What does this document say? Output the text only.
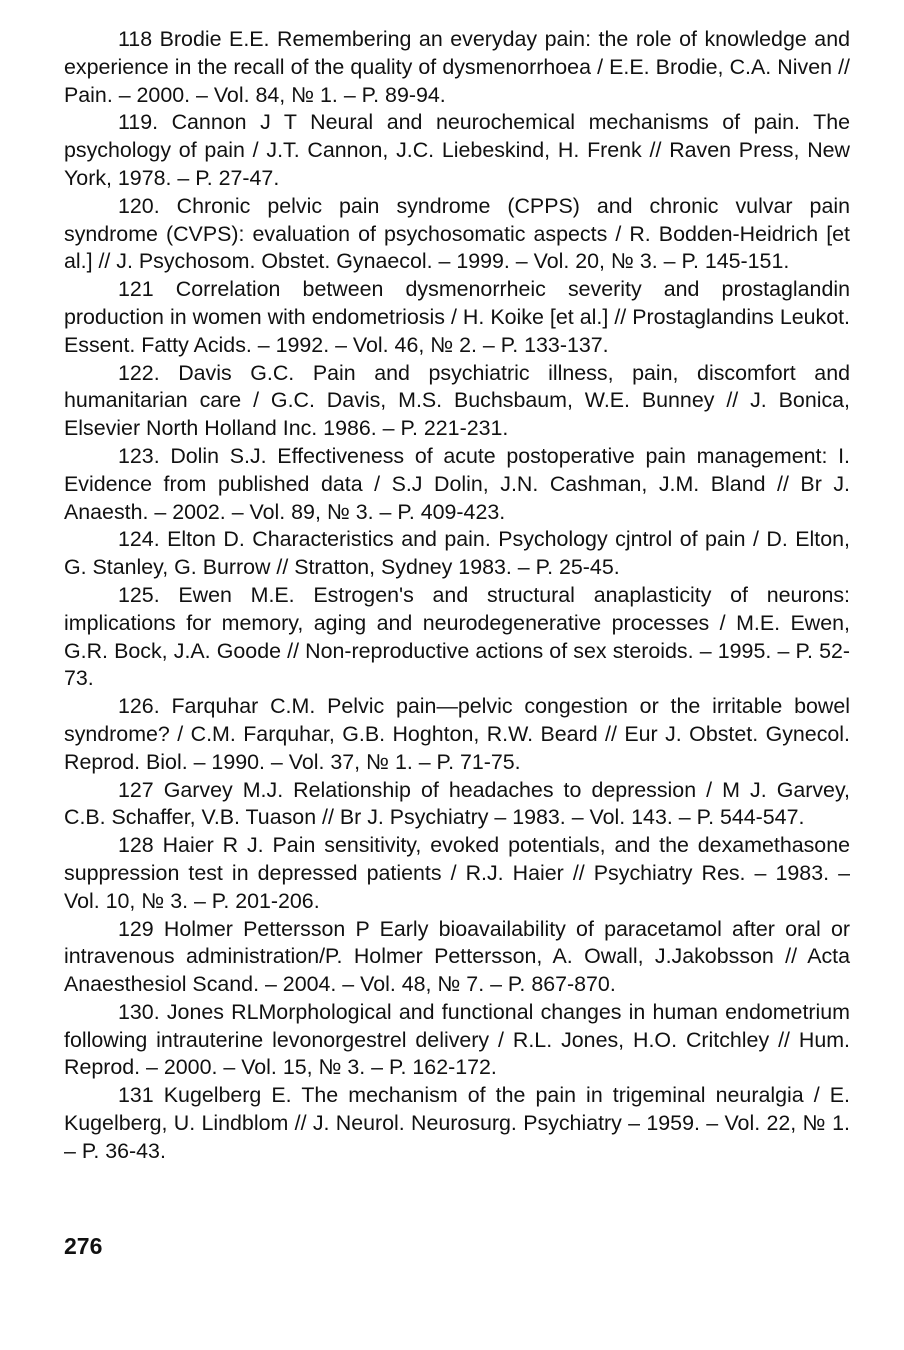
118 Brodie E.E. Remembering an everyday pain: the role of knowledge and experience in the recall of the quality of dysmenorrhoea / E.E. Brodie, C.A. Niven // Pain. – 2000. – Vol. 84, № 1. – P. 89-94.

119. Cannon J T Neural and neurochemical mechanisms of pain. The psychology of pain / J.T. Cannon, J.C. Liebeskind, H. Frenk // Raven Press, New York, 1978. – P. 27-47.

120. Chronic pelvic pain syndrome (CPPS) and chronic vulvar pain syndrome (CVPS): evaluation of psychosomatic aspects / R. Bodden-Heidrich [et al.] // J. Psychosom. Obstet. Gynaecol. – 1999. – Vol. 20, № 3. – P. 145-151.

121 Correlation between dysmenorrheic severity and prostaglandin production in women with endometriosis / H. Koike [et al.] // Prostaglandins Leukot. Essent. Fatty Acids. – 1992. – Vol. 46, № 2. – P. 133-137.

122. Davis G.C. Pain and psychiatric illness, pain, discomfort and humanitarian care / G.C. Davis, M.S. Buchsbaum, W.E. Bunney // J. Bonica, Elsevier North Holland Inc. 1986. – P. 221-231.

123. Dolin S.J. Effectiveness of acute postoperative pain management: I. Evidence from published data / S.J Dolin, J.N. Cashman, J.M. Bland // Br J. Anaesth. – 2002. – Vol. 89, № 3. – P. 409-423.

124. Elton D. Characteristics and pain. Psychology cjntrol of pain / D. Elton, G. Stanley, G. Burrow // Stratton, Sydney 1983. – P. 25-45.

125. Ewen M.E. Estrogen's and structural anaplasticity of neurons: implications for memory, aging and neurodegenerative processes / M.E. Ewen, G.R. Bock, J.A. Goode // Non-reproductive actions of sex steroids. – 1995. – P. 52-73.

126. Farquhar C.M. Pelvic pain—pelvic congestion or the irritable bowel syndrome? / C.M. Farquhar, G.B. Hoghton, R.W. Beard // Eur J. Obstet. Gynecol. Reprod. Biol. – 1990. – Vol. 37, № 1. – P. 71-75.

127 Garvey M.J. Relationship of headaches to depression / M J. Garvey, C.B. Schaffer, V.B. Tuason // Br J. Psychiatry – 1983. – Vol. 143. – P. 544-547.

128 Haier R J. Pain sensitivity, evoked potentials, and the dexamethasone suppression test in depressed patients / R.J. Haier // Psychiatry Res. – 1983. – Vol. 10, № 3. – P. 201-206.

129 Holmer Pettersson P Early bioavailability of paracetamol after oral or intravenous administration/P. Holmer Pettersson, A. Owall, J.Jakobsson // Acta Anaesthesiol Scand. – 2004. – Vol. 48, № 7. – P. 867-870.

130. Jones RLMorphological and functional changes in human endometrium following intrauterine levonorgestrel delivery / R.L. Jones, H.O. Critchley // Hum. Reprod. – 2000. – Vol. 15, № 3. – P. 162-172.

131 Kugelberg E. The mechanism of the pain in trigeminal neuralgia / E. Kugelberg, U. Lindblom // J. Neurol. Neurosurg. Psychiatry – 1959. – Vol. 22, № 1. – P. 36-43.

276
